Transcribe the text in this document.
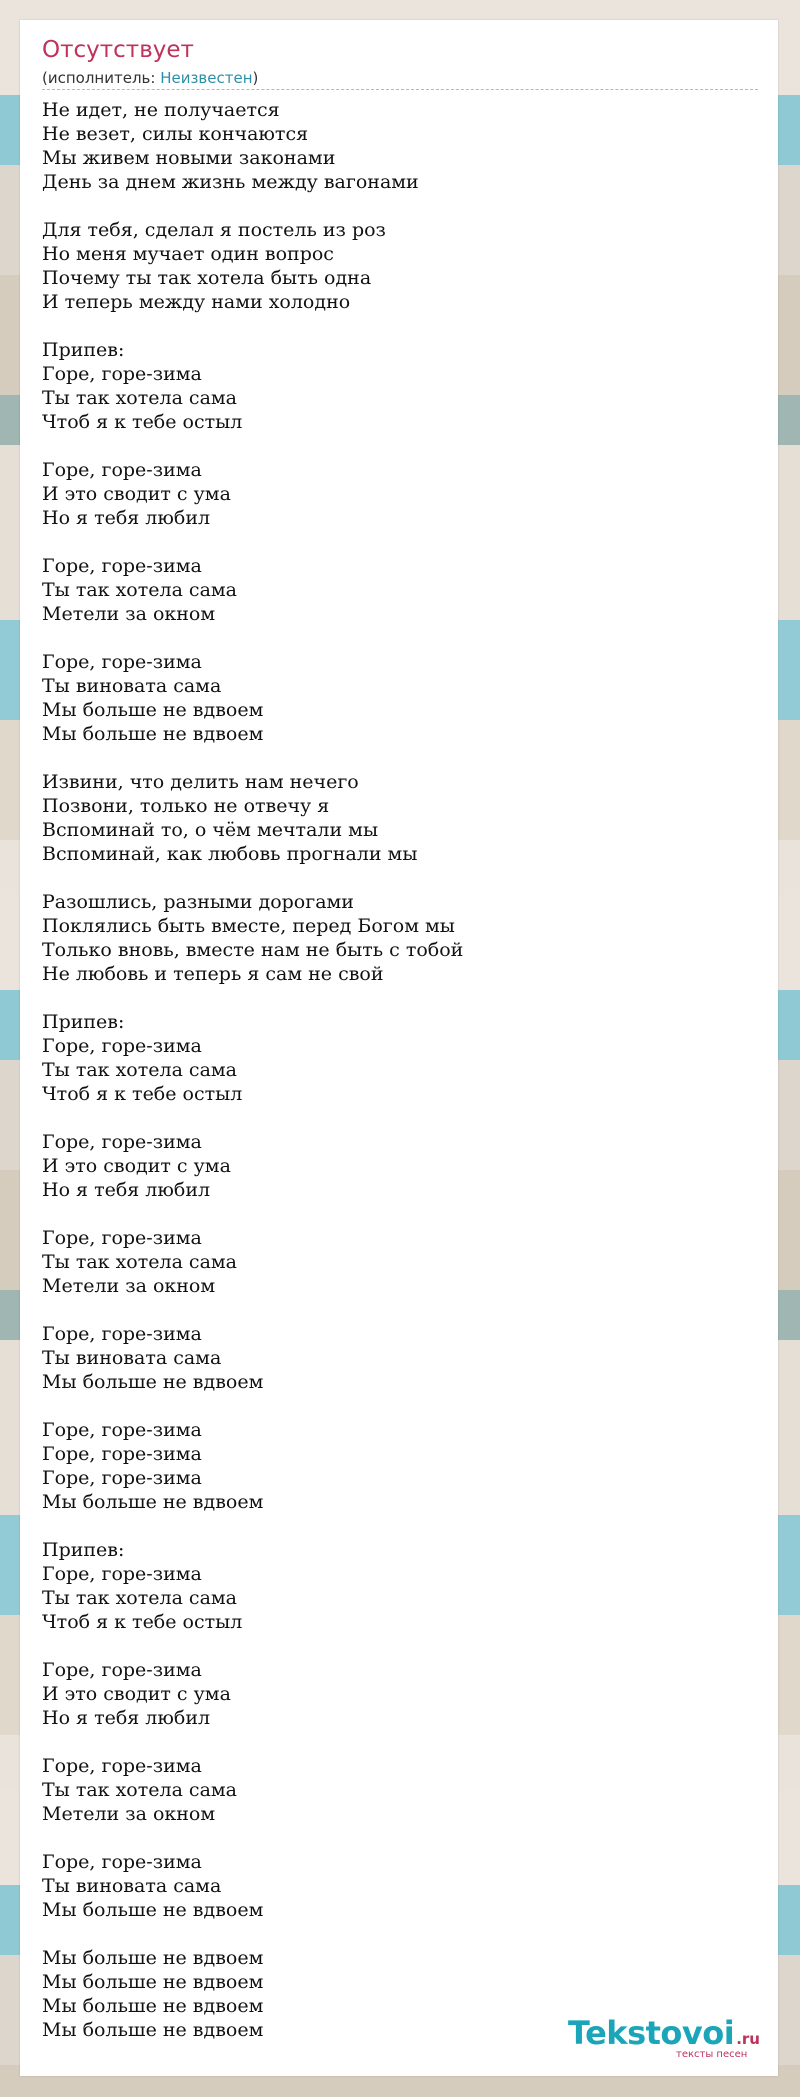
Отсутствует
(исполнитель: Неизвестен)
Не идет, не получается
Не везет, силы кончаются
Мы живем новыми законами
День за днем жизнь между вагонами

Для тебя, сделал я постель из роз
Но меня мучает один вопрос
Почему ты так хотела быть одна
И теперь между нами холодно

Припев:
Горе, горе-зима
Ты так хотела сама
Чтоб я к тебе остыл

Горе, горе-зима
И это сводит с ума
Но я тебя любил

Горе, горе-зима
Ты так хотела сама
Метели за окном

Горе, горе-зима
Ты виновата сама
Мы больше не вдвоем
Мы больше не вдвоем

Извини, что делить нам нечего
Позвони, только не отвечу я
Вспоминай то, о чём мечтали мы
Вспоминай, как любовь прогнали мы

Разошлись, разными дорогами
Поклялись быть вместе, перед Богом мы
Только вновь, вместе нам не быть с тобой
Не любовь и теперь я сам не свой

Припев:
Горе, горе-зима
Ты так хотела сама
Чтоб я к тебе остыл

Горе, горе-зима
И это сводит с ума
Но я тебя любил

Горе, горе-зима
Ты так хотела сама
Метели за окном

Горе, горе-зима
Ты виновата сама
Мы больше не вдвоем

Горе, горе-зима
Горе, горе-зима
Горе, горе-зима
Мы больше не вдвоем

Припев:
Горе, горе-зима
Ты так хотела сама
Чтоб я к тебе остыл

Горе, горе-зима
И это сводит с ума
Но я тебя любил

Горе, горе-зима
Ты так хотела сама
Метели за окном

Горе, горе-зима
Ты виновата сама
Мы больше не вдвоем

Мы больше не вдвоем
Мы больше не вдвоем
Мы больше не вдвоем
Мы больше не вдвоем	Tekstovoi .ru
тексты песен
